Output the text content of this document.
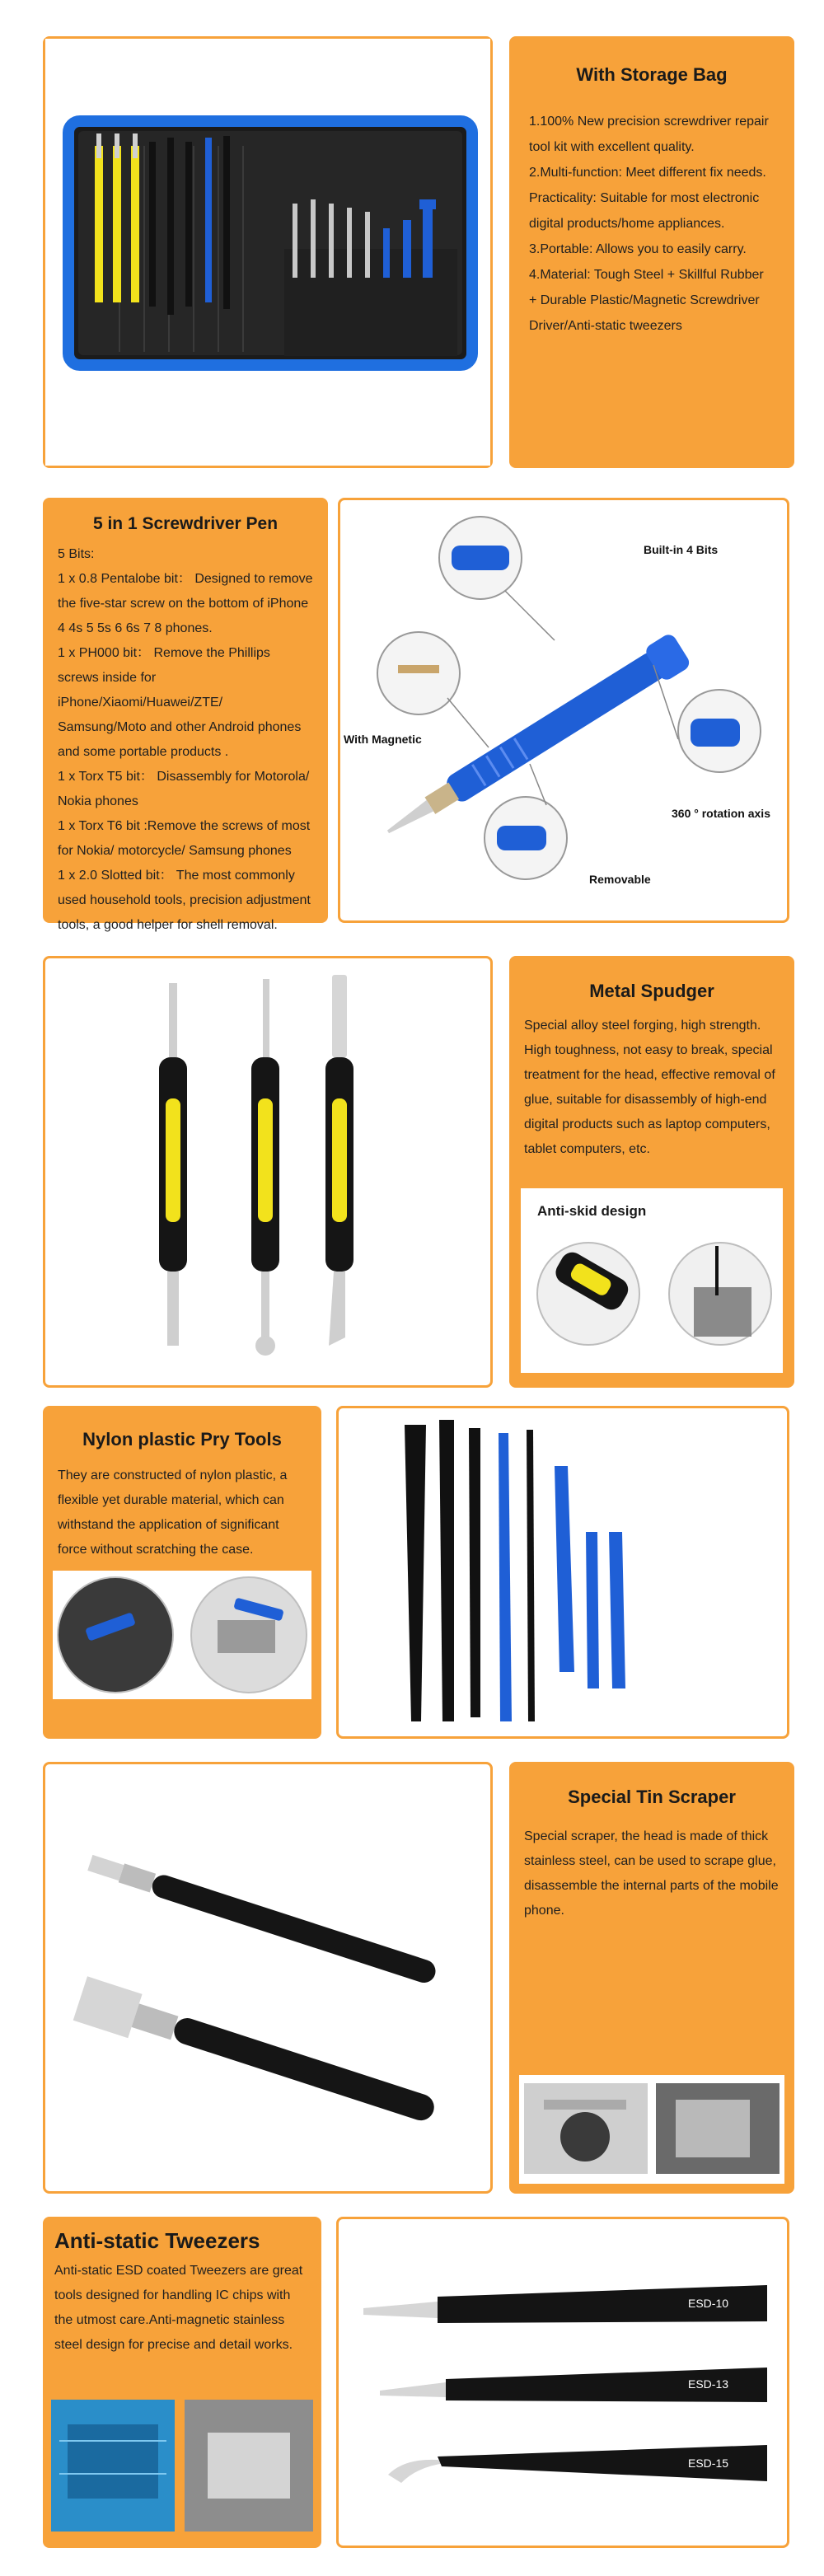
With Storage Bag

1.100% New precision screwdriver repair tool kit with excellent quality.

2.Multi-function: Meet different fix needs. Practicality: Suitable for most electronic digital products/home appliances.

3.Portable: Allows you to easily carry.

4.Material: Tough Steel + Skillful Rubber + Durable Plastic/Magnetic Screwdriver Driver/Anti-static tweezers

5 in 1 Screwdriver Pen

5 Bits:

1 x 0.8 Pentalobe bit： Designed to remove the five-star screw on the bottom of iPhone 4 4s 5 5s 6 6s 7 8 phones.

1 x PH000 bit： Remove the Phillips screws inside for iPhone/Xiaomi/Huawei/ZTE/ Samsung/Moto and other Android phones and some portable products .

1 x Torx T5 bit： Disassembly for Motorola/ Nokia phones

1 x Torx T6 bit :Remove the screws of most for Nokia/ motorcycle/ Samsung phones

1 x 2.0 Slotted bit： The most commonly used household tools, precision adjustment tools, a good helper for shell removal.

Built-in 4 Bits
With Magnetic
360 ° rotation axis
Removable
Metal Spudger
Special alloy steel forging, high strength. High toughness, not easy to break, special treatment for the head, effective removal of glue, suitable for disassembly of high-end digital products such as laptop computers, tablet computers, etc.
Anti-skid design
Nylon plastic Pry Tools
They are constructed of nylon plastic, a flexible yet durable material, which can withstand the application of significant force without scratching the case.
Special Tin Scraper
Special scraper, the head is made of thick stainless steel, can be used to scrape glue, disassemble the internal parts of the mobile phone.
Anti-static Tweezers
Anti-static ESD coated Tweezers are great tools designed for handling IC chips with the utmost care.Anti-magnetic stainless steel design for precise and detail works.
ESD-10
ESD-13
ESD-15
